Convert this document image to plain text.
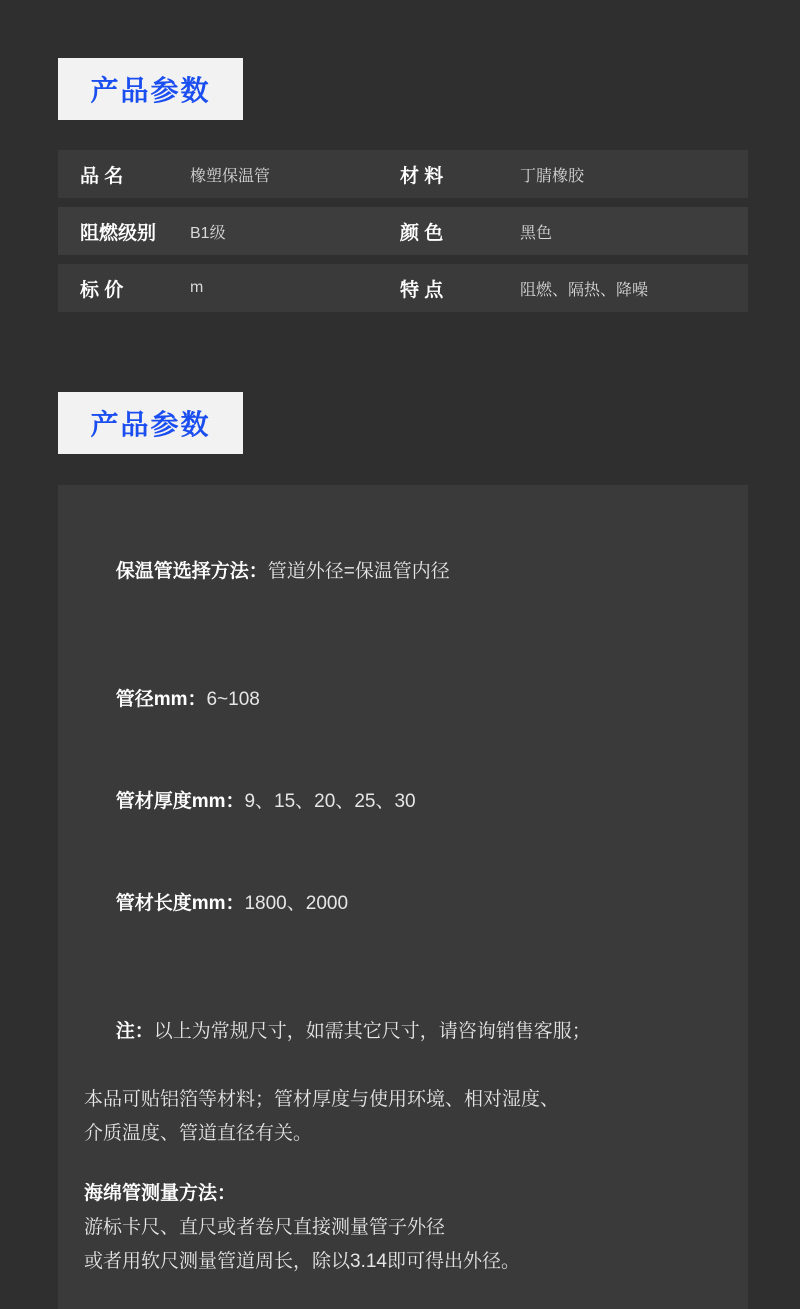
产品参数
品 名	橡塑保温管	材 料	丁腈橡胶
阻燃级别	B1级	颜 色	黑色
标 价	m	特 点	阻燃、隔热、降噪
产品参数

保温管选择方法：管道外径=保温管内径

管径mm：6~108

管材厚度mm：9、15、20、25、30

管材长度mm：1800、2000

注：以上为常规尺寸，如需其它尺寸，请咨询销售客服；

本品可贴铝箔等材料；管材厚度与使用环境、相对湿度、
介质温度、管道直径有关。
海绵管测量方法：
游标卡尺、直尺或者卷尺直接测量管子外径
或者用软尺测量管道周长，除以3.14即可得出外径。
